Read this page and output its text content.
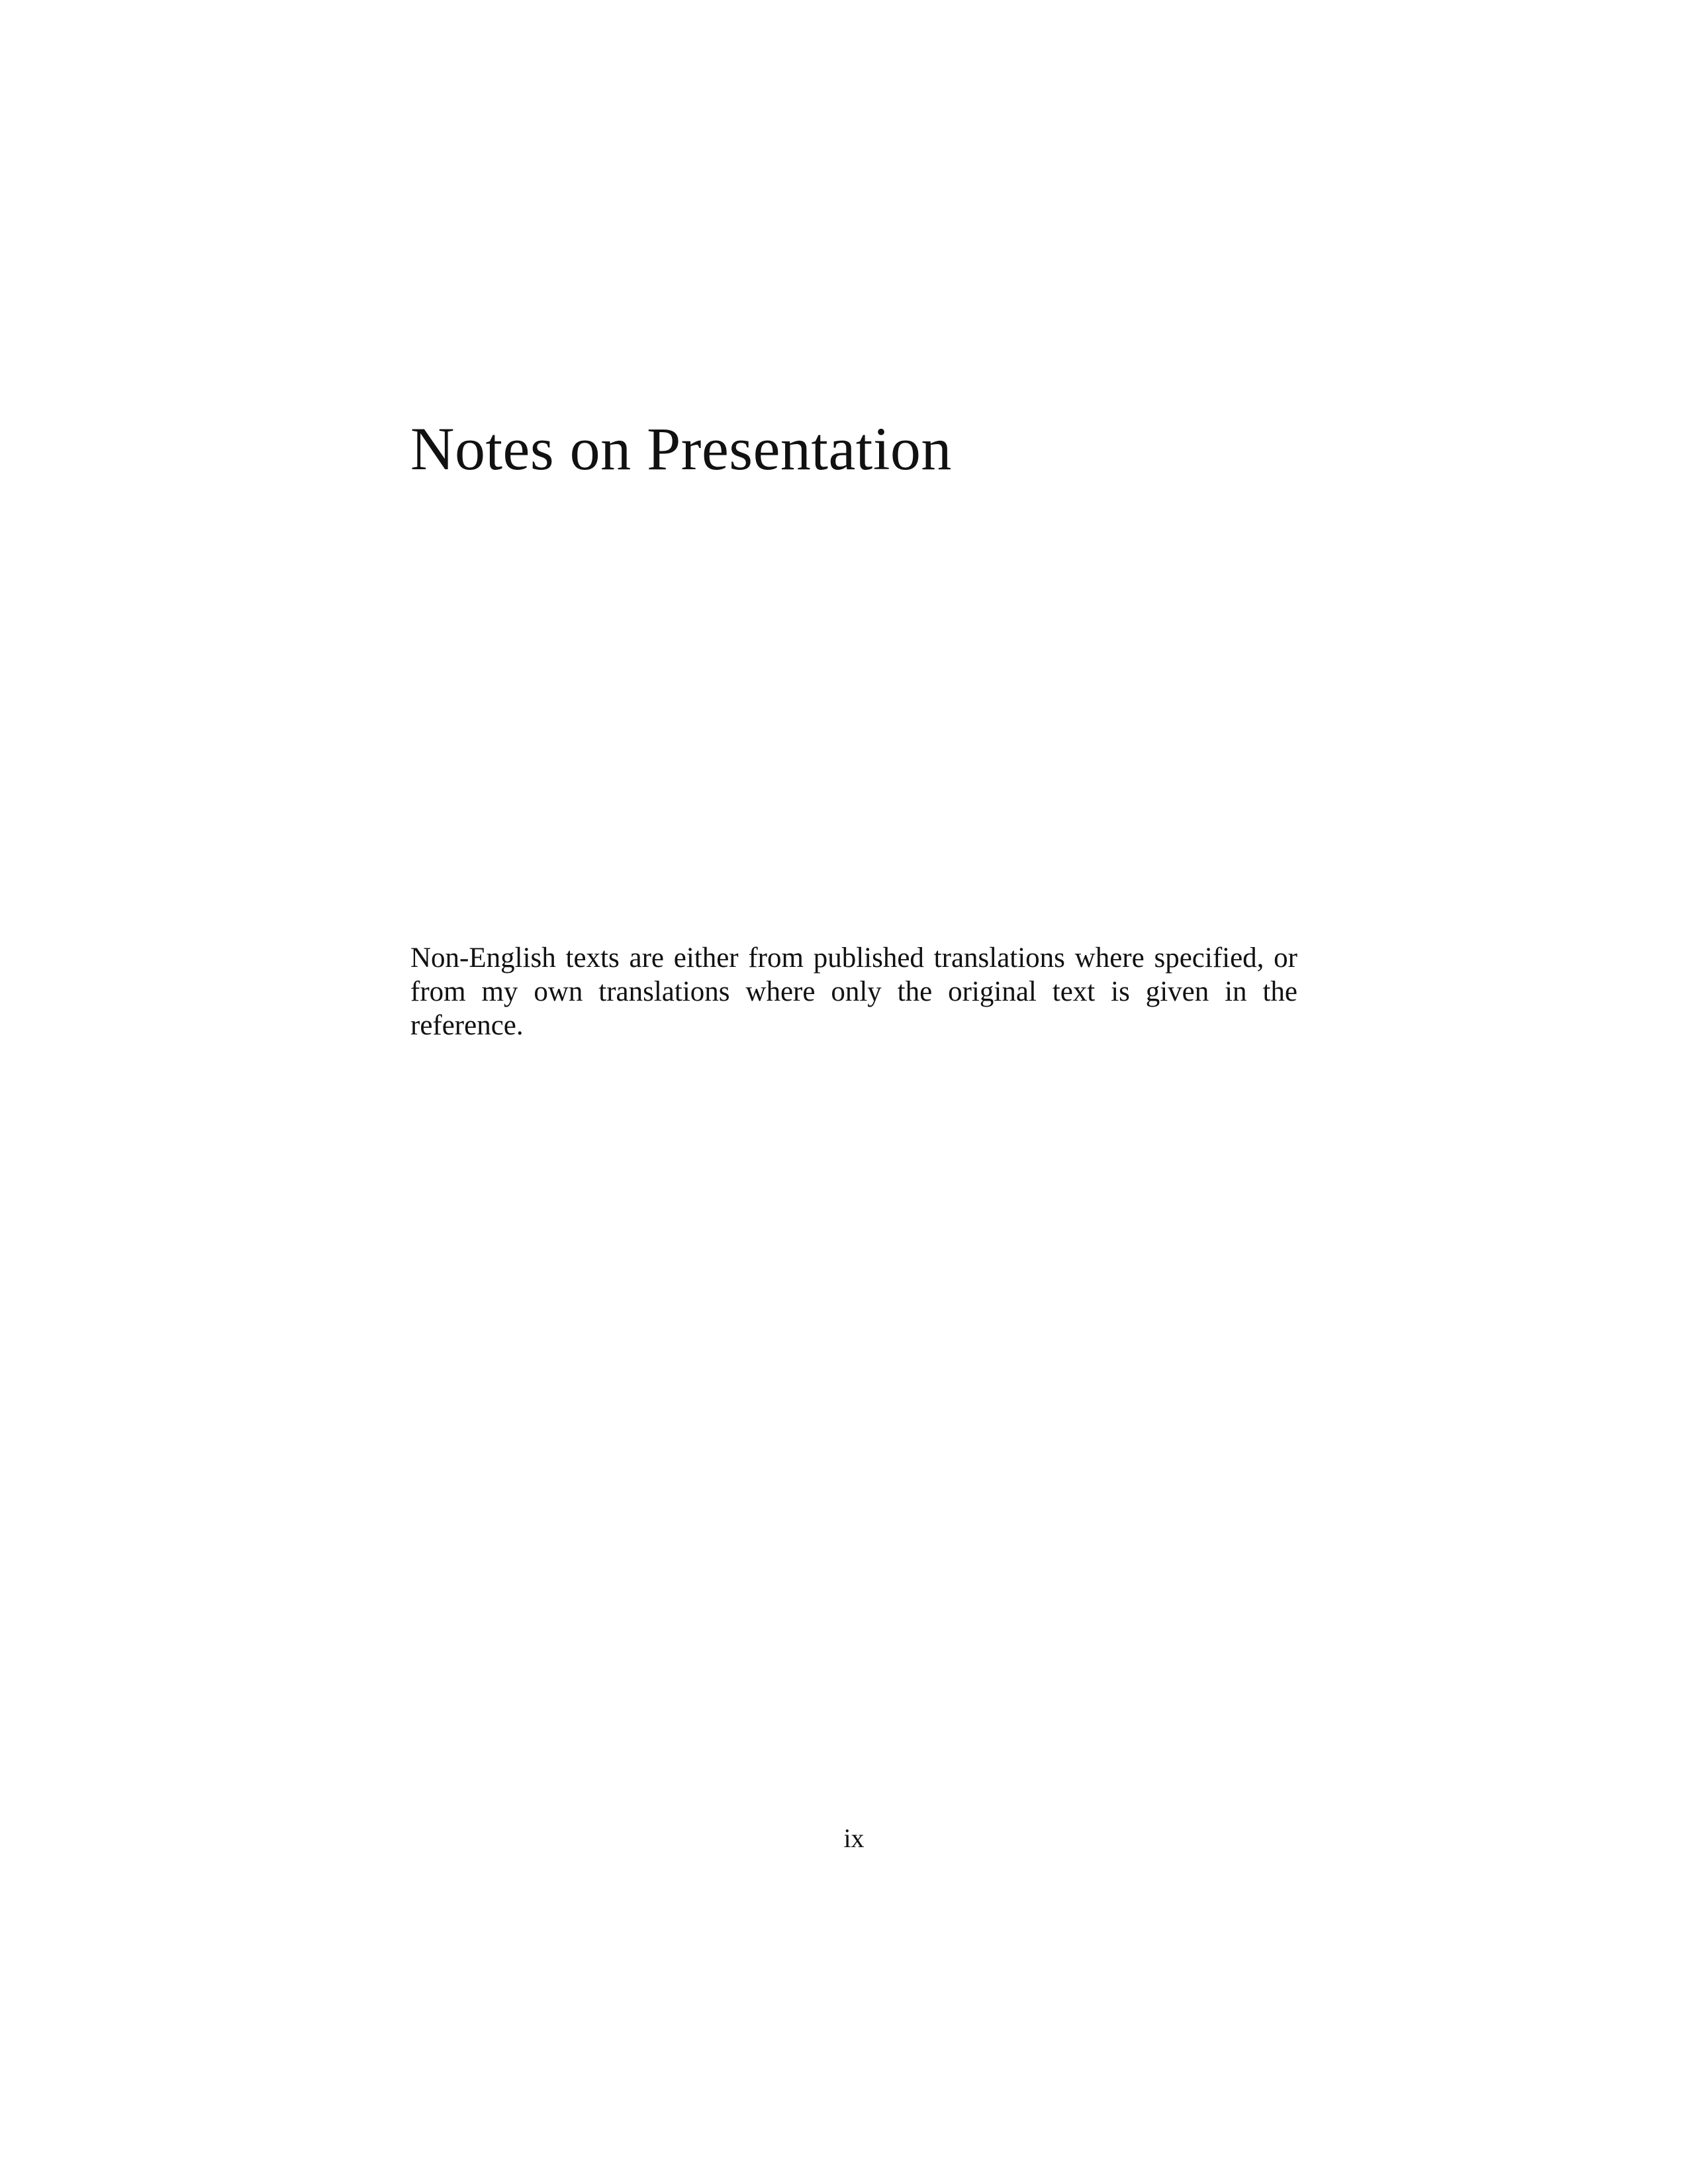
Notes on Presentation

Non-English texts are either from published translations where specified, or from my own translations where only the original text is given in the reference.

ix
